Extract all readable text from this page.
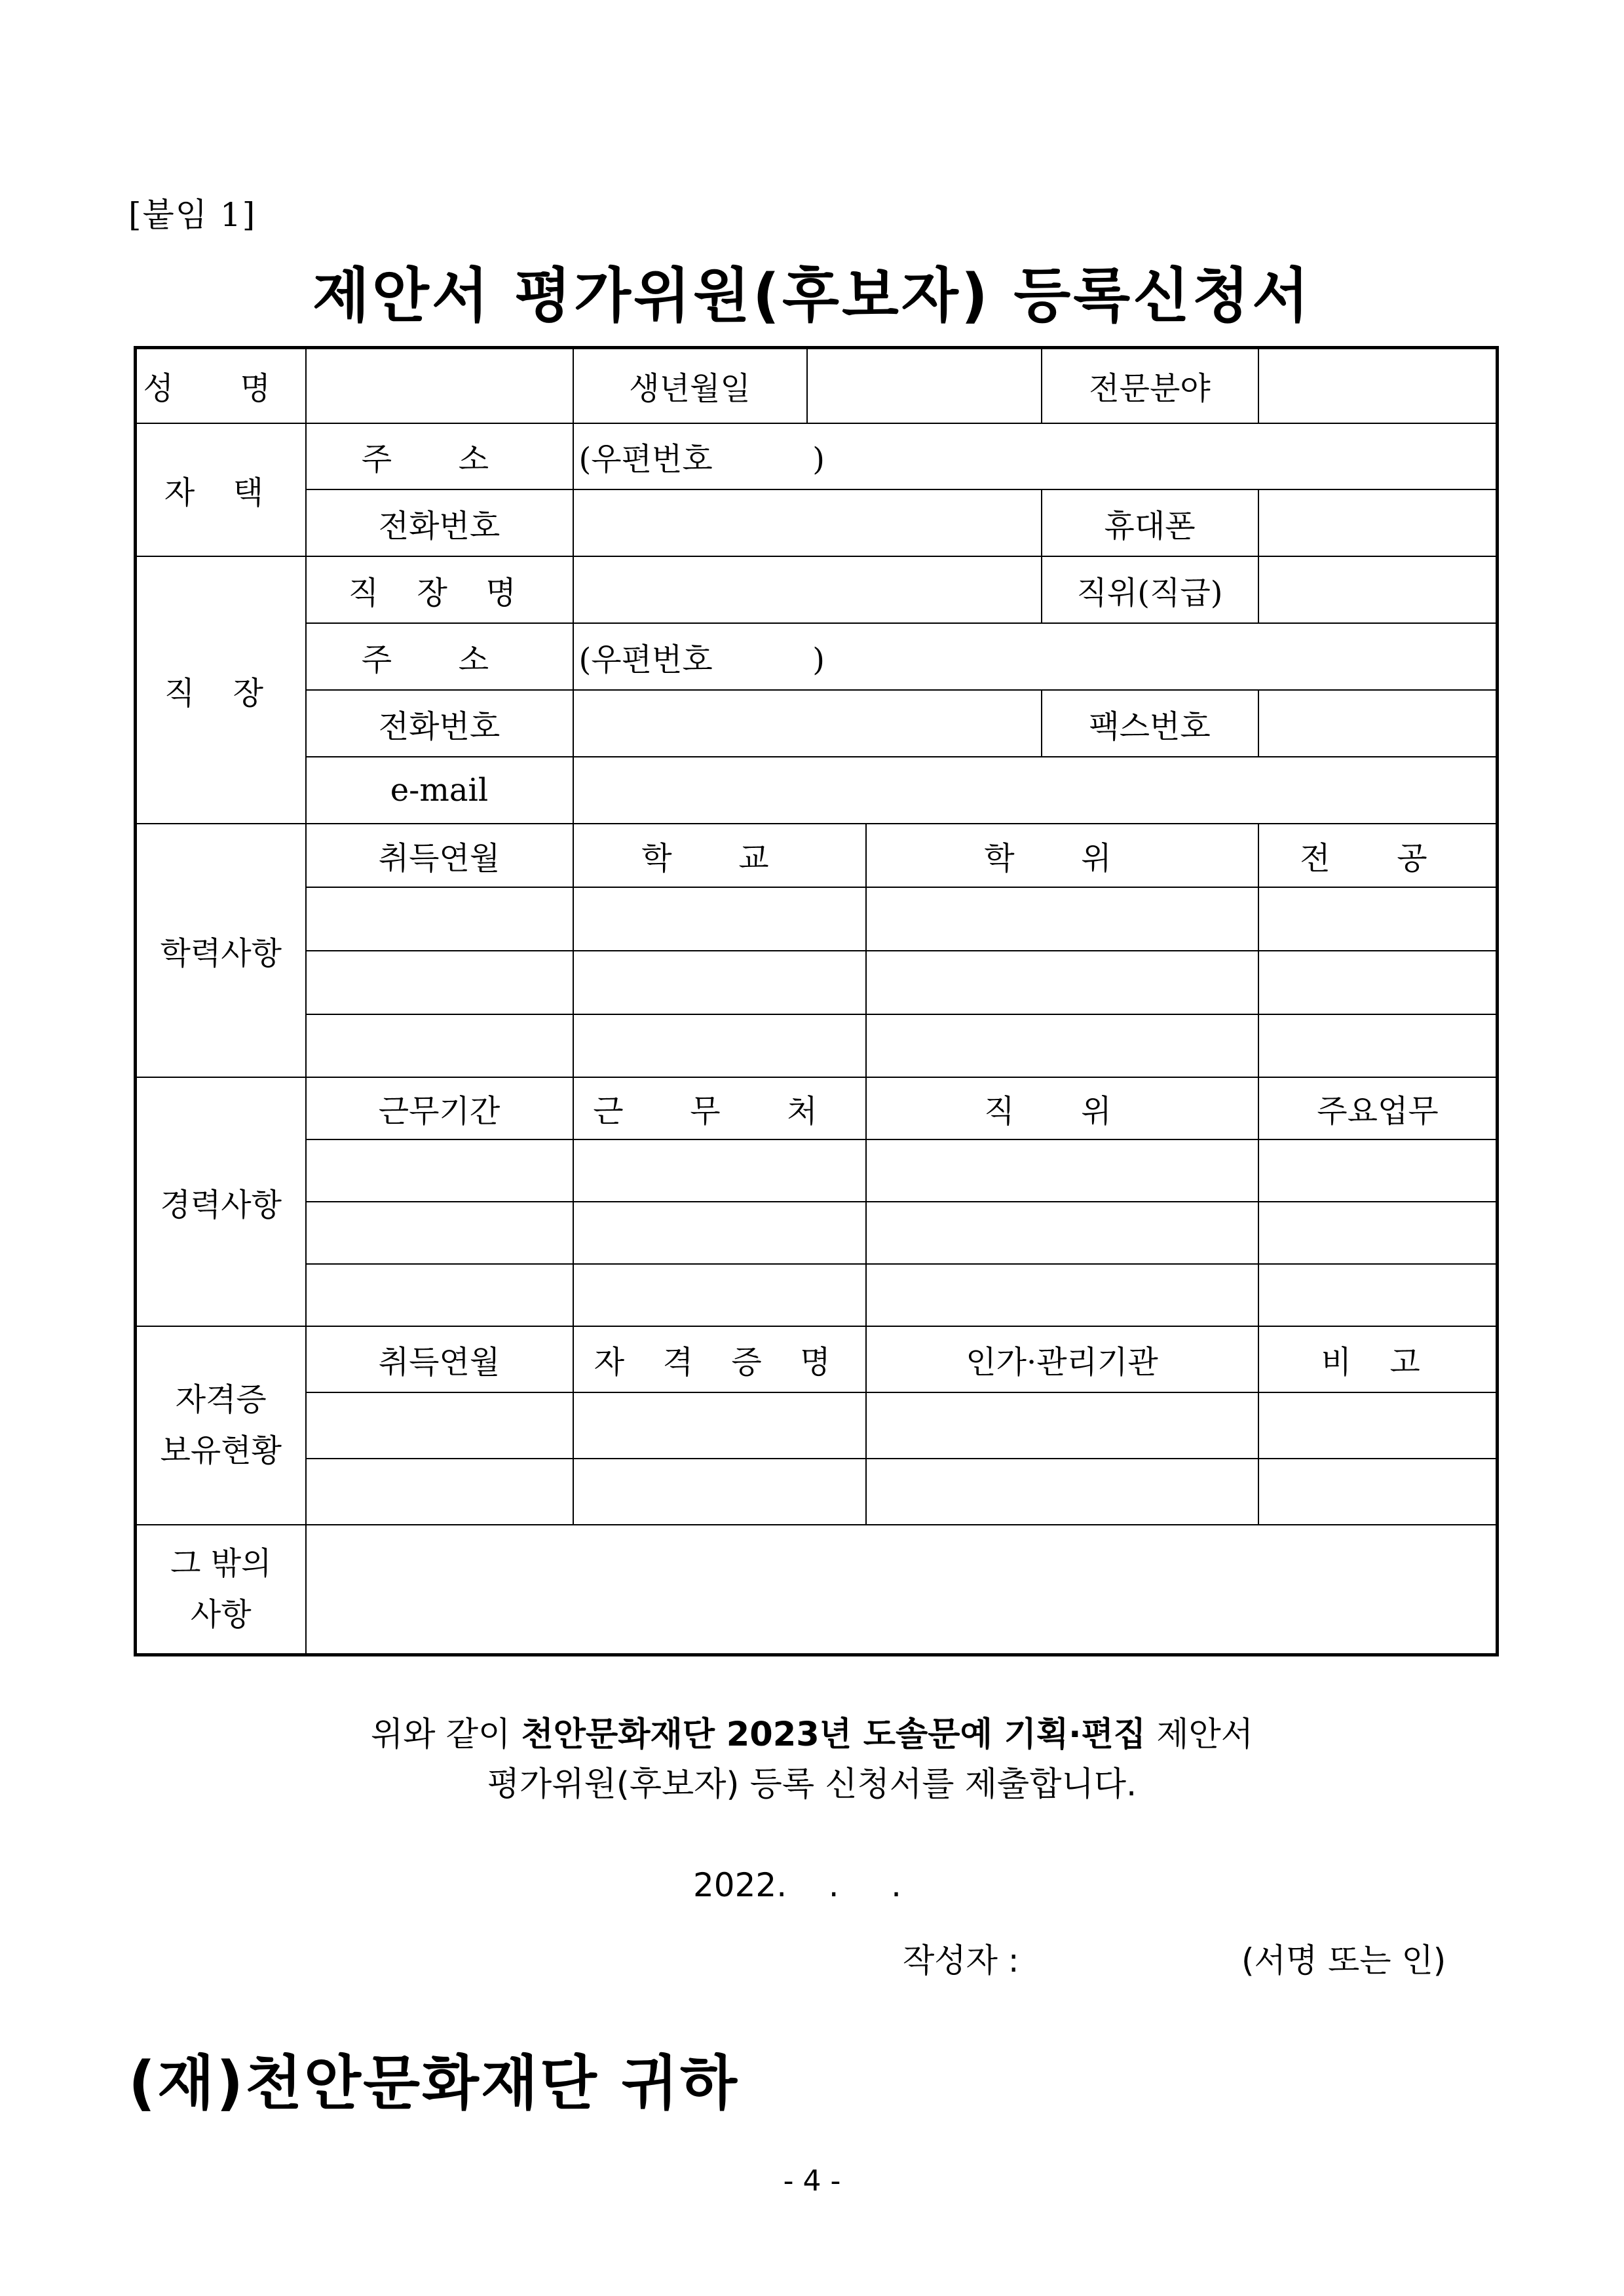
[붙임 1]
제안서 평가위원(후보자) 등록신청서
성 명		생년월일			전문분야	
자 택	주 소	(우편번호          )				
	전화번호				휴대폰	
직 장	직 장 명				직위(직급)	
	주 소	(우편번호          )				
	전화번호				팩스번호	
	e-mail					
학력사항	취득연월	학 교		학 위		전 공

경력사항	근무기간	근 무 처		직 위		주요업무

자격증
보유현황	취득연월	자 격 증 명		인가·관리기관		비 고

그 밖의
사항						

위와 같이 천안문화재단 2023년 도솔문예 기획·편집 제안서
평가위원(후보자) 등록 신청서를 제출합니다.
2022.    .     .
작성자 :	(서명 또는 인)
(재)천안문화재단 귀하
- 4 -
